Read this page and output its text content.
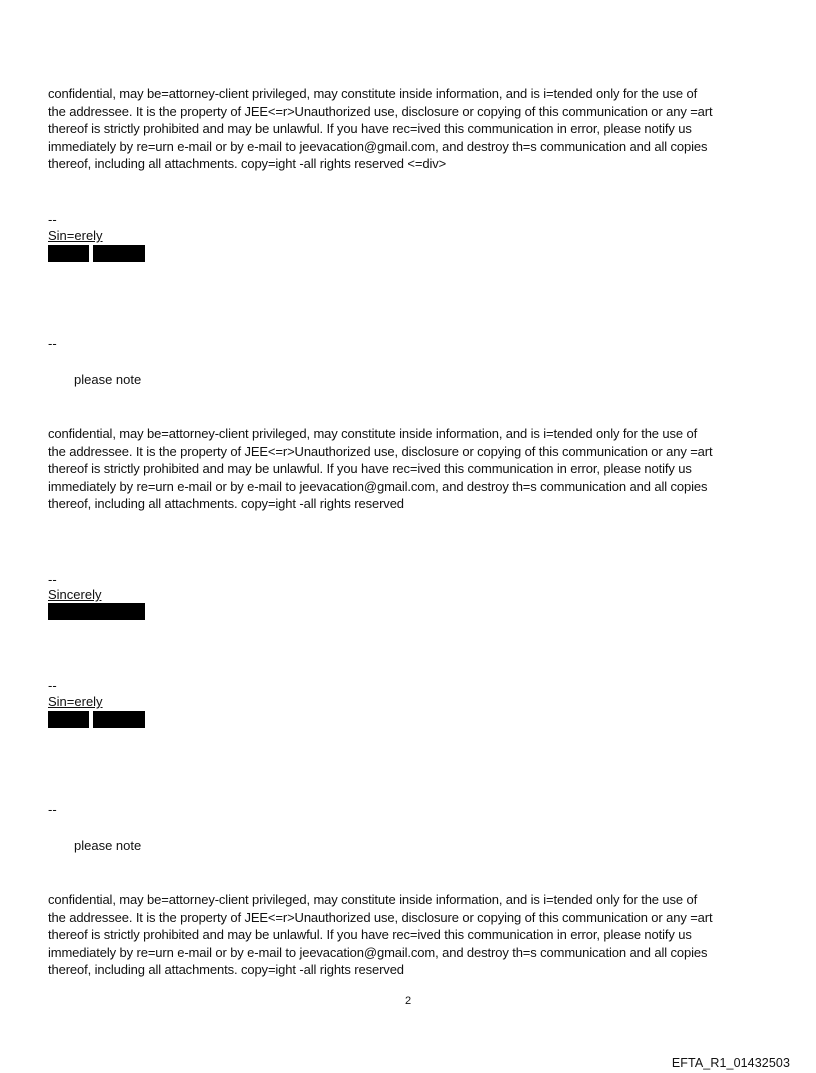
confidential, may be=attorney-client privileged, may constitute inside information, and is i=tended only for the use of
the addressee. It is the property of JEE<=r>Unauthorized use, disclosure or copying of this communication or any =art
thereof is strictly prohibited and may be unlawful. If you have rec=ived this communication in error, please notify us
immediately by re=urn e-mail or by e-mail to jeevacation@gmail.com, and destroy th=s communication and all copies
thereof, including all attachments. copy=ight -all rights reserved <=div>
--
Sin=erely
--
please note
confidential, may be=attorney-client privileged, may constitute inside information, and is i=tended only for the use of
the addressee. It is the property of JEE<=r>Unauthorized use, disclosure or copying of this communication or any =art
thereof is strictly prohibited and may be unlawful. If you have rec=ived this communication in error, please notify us
immediately by re=urn e-mail or by e-mail to jeevacation@gmail.com, and destroy th=s communication and all copies
thereof, including all attachments. copy=ight -all rights reserved
--
Sincerely
--
Sin=erely
--
please note
confidential, may be=attorney-client privileged, may constitute inside information, and is i=tended only for the use of
the addressee. It is the property of JEE<=r>Unauthorized use, disclosure or copying of this communication or any =art
thereof is strictly prohibited and may be unlawful. If you have rec=ived this communication in error, please notify us
immediately by re=urn e-mail or by e-mail to jeevacation@gmail.com, and destroy th=s communication and all copies
thereof, including all attachments. copy=ight -all rights reserved
2
EFTA_R1_01432503
